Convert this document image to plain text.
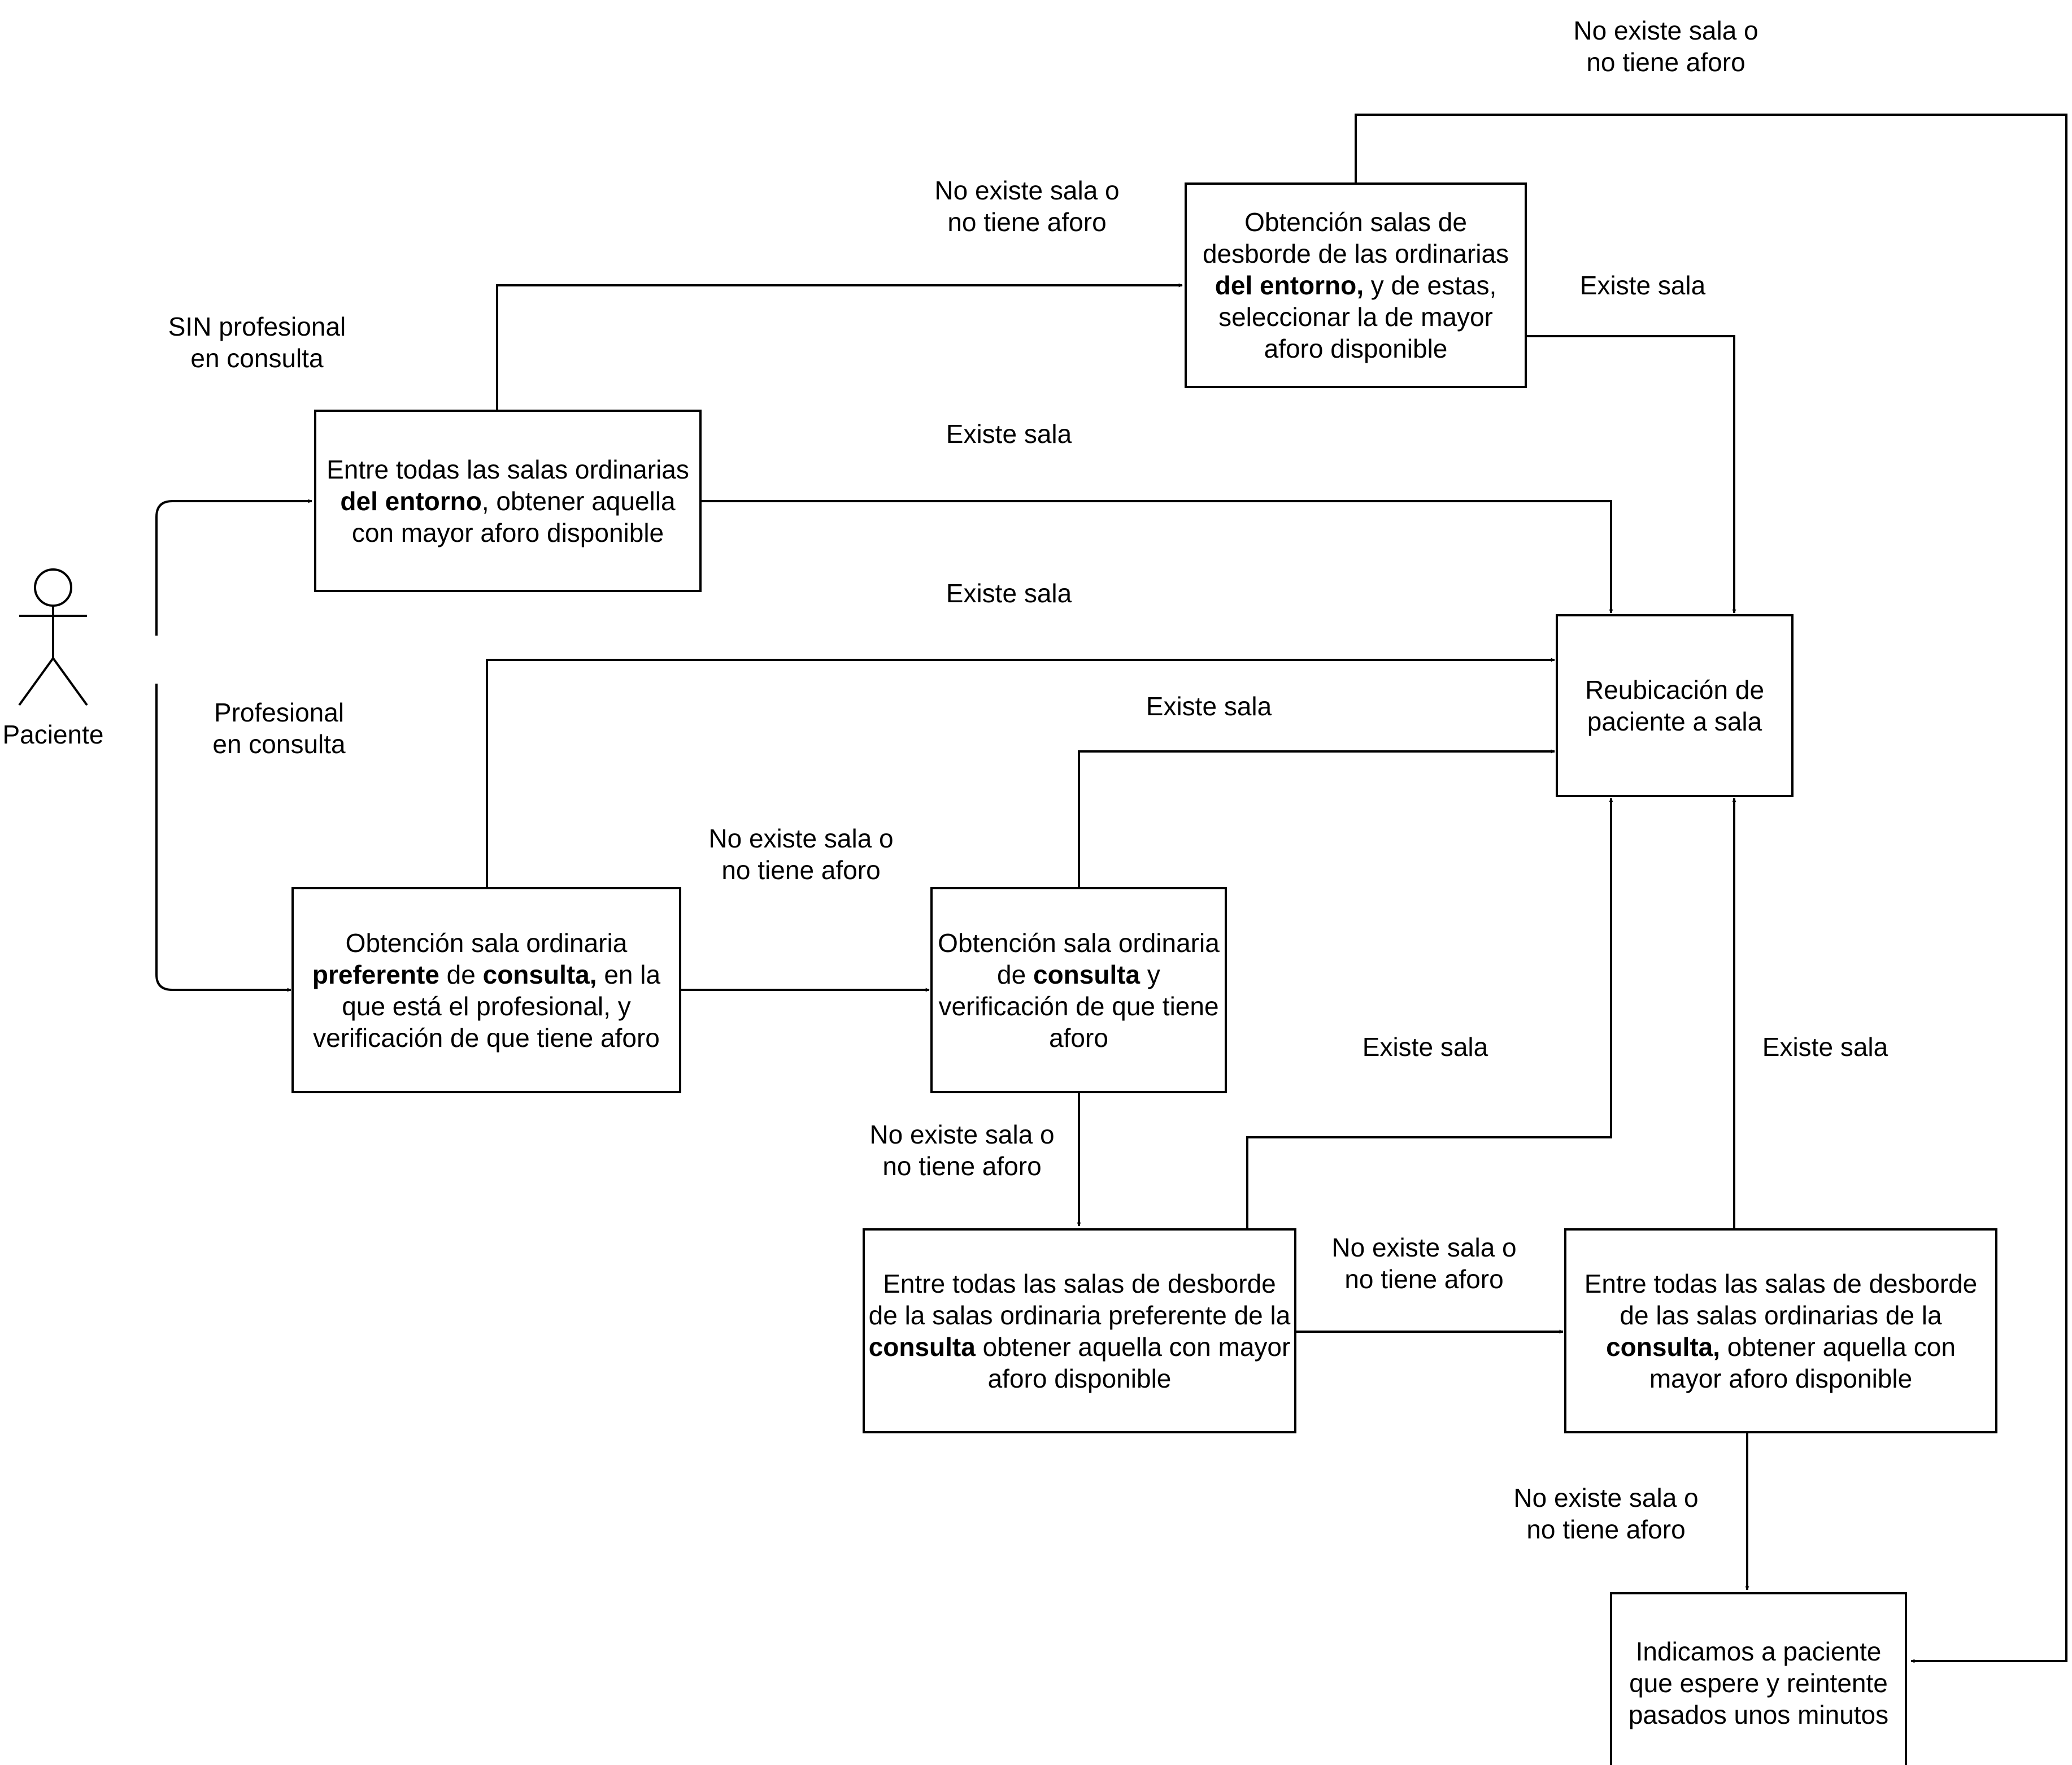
Paciente
Entre todas las salas ordinarias del entorno, obtener aquella con mayor aforo disponible
Obtención salas de desborde de las ordinarias del entorno, y de estas, seleccionar la de mayor aforo disponible
Reubicación de paciente a sala
Obtención sala ordinaria preferente de consulta, en la que está el profesional, y verificación de que tiene aforo
Obtención sala ordinaria de consulta y verificación de que tiene aforo
Entre todas las salas de desborde de la salas ordinaria preferente de la consulta obtener aquella con mayor aforo disponible
Entre todas las salas de desborde de las salas ordinarias de la consulta, obtener aquella con mayor aforo disponible
Indicamos a paciente que espere y reintente pasados unos minutos
SIN profesional
en consulta
Profesional
en consulta
No existe sala o
no tiene aforo
No existe sala o
no tiene aforo
Existe sala
Existe sala
Existe sala
Existe sala
No existe sala o
no tiene aforo
No existe sala o
no tiene aforo
Existe sala	Existe sala
No existe sala o
no tiene aforo
No existe sala o
no tiene aforo
